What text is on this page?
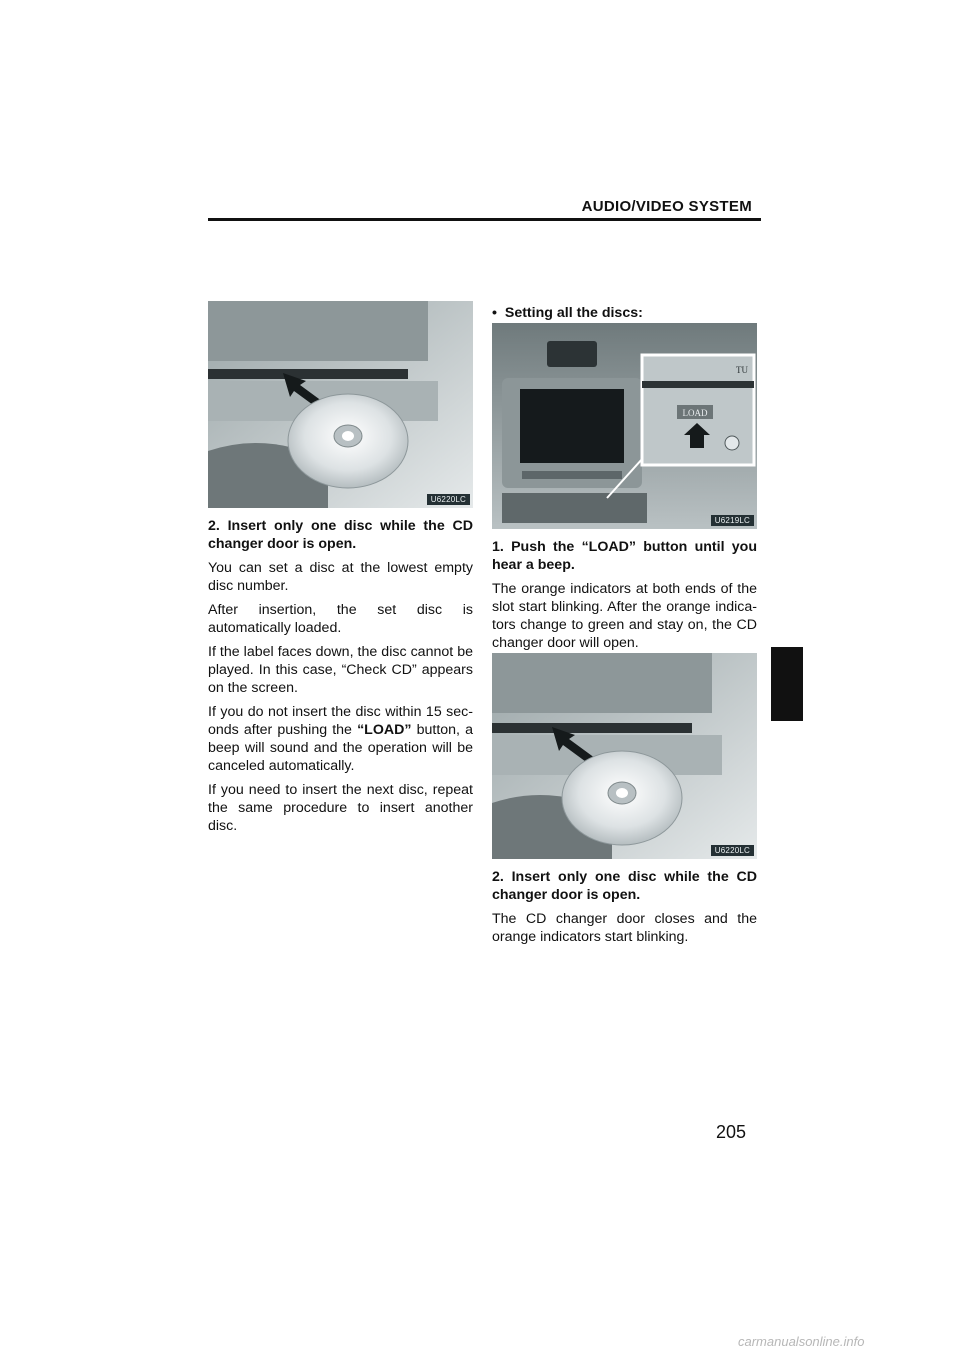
AUDIO/VIDEO SYSTEM
U6220LC
LOAD
TU
U6219LC
U6220LC

2. Insert only one disc while the CD changer door is open.

You can set a disc at the lowest empty disc number.

After insertion, the set disc is automatically loaded.

If the label faces down, the disc cannot be played. In this case, “Check CD” appears on the screen.

If you do not insert the disc within 15 sec-onds after pushing the “LOAD” button, a beep will sound and the operation will be canceled automatically.

If you need to insert the next disc, repeat the same procedure to insert another disc.

• Setting all the discs:

1. Push the “LOAD” button until you hear a beep.

The orange indicators at both ends of the slot start blinking. After the orange indica-tors change to green and stay on, the CD changer door will open.

2. Insert only one disc while the CD changer door is open.

The CD changer door closes and the orange indicators start blinking.

205
carmanualsonline.info
